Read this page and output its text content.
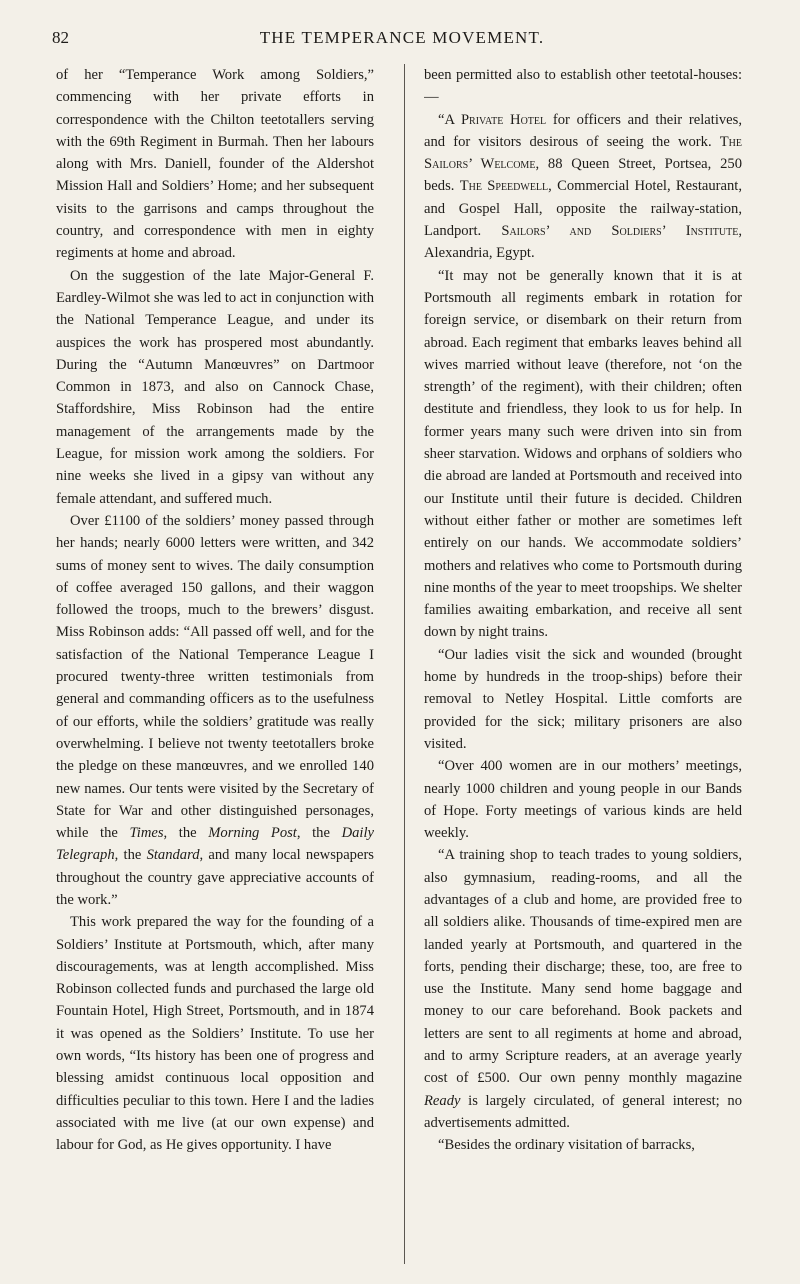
82	THE TEMPERANCE MOVEMENT.

of her “Temperance Work among Soldiers,” commencing with her private efforts in correspondence with the Chilton teetotallers serving with the 69th Regiment in Burmah. Then her labours along with Mrs. Daniell, founder of the Aldershot Mission Hall and Soldiers’ Home; and her subsequent visits to the garrisons and camps throughout the country, and correspondence with men in eighty regiments at home and abroad.

On the suggestion of the late Major-General F. Eardley-Wilmot she was led to act in conjunction with the National Temperance League, and under its auspices the work has prospered most abundantly. During the “Autumn Manœuvres” on Dartmoor Common in 1873, and also on Cannock Chase, Staffordshire, Miss Robinson had the entire management of the arrangements made by the League, for mission work among the soldiers. For nine weeks she lived in a gipsy van without any female attendant, and suffered much.

Over £1100 of the soldiers’ money passed through her hands; nearly 6000 letters were written, and 342 sums of money sent to wives. The daily consumption of coffee averaged 150 gallons, and their waggon followed the troops, much to the brewers’ disgust. Miss Robinson adds: “All passed off well, and for the satisfaction of the National Temperance League I procured twenty-three written testimonials from general and commanding officers as to the usefulness of our efforts, while the soldiers’ gratitude was really overwhelming. I believe not twenty teetotallers broke the pledge on these manœuvres, and we enrolled 140 new names. Our tents were visited by the Secretary of State for War and other distinguished personages, while the Times, the Morning Post, the Daily Telegraph, the Standard, and many local newspapers throughout the country gave appreciative accounts of the work.”

This work prepared the way for the founding of a Soldiers’ Institute at Portsmouth, which, after many discouragements, was at length accomplished. Miss Robinson collected funds and purchased the large old Fountain Hotel, High Street, Portsmouth, and in 1874 it was opened as the Soldiers’ Institute. To use her own words, “Its history has been one of progress and blessing amidst continuous local opposition and difficulties peculiar to this town. Here I and the ladies associated with me live (at our own expense) and labour for God, as He gives opportunity. I have

been permitted also to establish other teetotal-houses:—

“A Private Hotel for officers and their relatives, and for visitors desirous of seeing the work. The Sailors’ Welcome, 88 Queen Street, Portsea, 250 beds. The Speedwell, Commercial Hotel, Restaurant, and Gospel Hall, opposite the railway-station, Landport. Sailors’ and Soldiers’ Institute, Alexandria, Egypt.

“It may not be generally known that it is at Portsmouth all regiments embark in rotation for foreign service, or disembark on their return from abroad. Each regiment that embarks leaves behind all wives married without leave (therefore, not ‘on the strength’ of the regiment), with their children; often destitute and friendless, they look to us for help. In former years many such were driven into sin from sheer starvation. Widows and orphans of soldiers who die abroad are landed at Portsmouth and received into our Institute until their future is decided. Children without either father or mother are sometimes left entirely on our hands. We accommodate soldiers’ mothers and relatives who come to Portsmouth during nine months of the year to meet troopships. We shelter families awaiting embarkation, and receive all sent down by night trains.

“Our ladies visit the sick and wounded (brought home by hundreds in the troop-ships) before their removal to Netley Hospital. Little comforts are provided for the sick; military prisoners are also visited.

“Over 400 women are in our mothers’ meetings, nearly 1000 children and young people in our Bands of Hope. Forty meetings of various kinds are held weekly.

“A training shop to teach trades to young soldiers, also gymnasium, reading-rooms, and all the advantages of a club and home, are provided free to all soldiers alike. Thousands of time-expired men are landed yearly at Portsmouth, and quartered in the forts, pending their discharge; these, too, are free to use the Institute. Many send home baggage and money to our care beforehand. Book packets and letters are sent to all regiments at home and abroad, and to army Scripture readers, at an average yearly cost of £500. Our own penny monthly magazine Ready is largely circulated, of general interest; no advertisements admitted.

“Besides the ordinary visitation of barracks,
